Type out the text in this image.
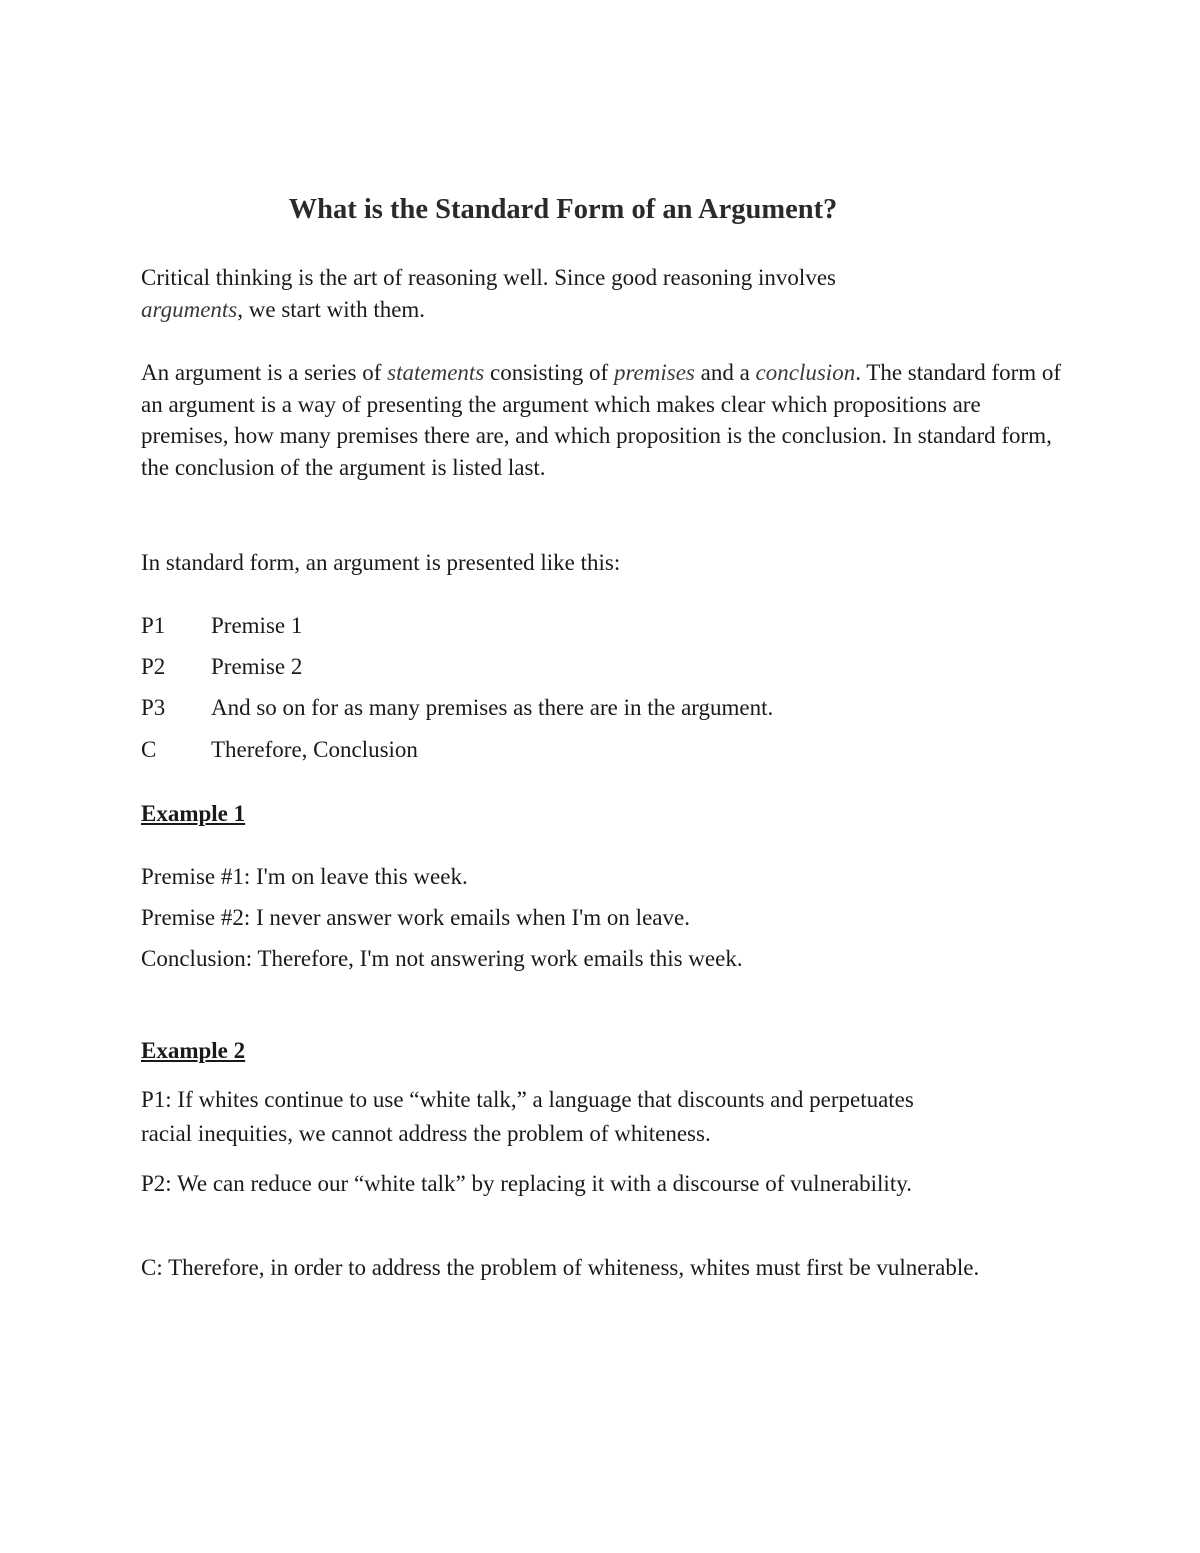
What is the Standard Form of an Argument?

Critical thinking is the art of reasoning well. Since good reasoning involves arguments, we start with them.

An argument is a series of statements consisting of premises and a conclusion. The standard form of an argument is a way of presenting the argument which makes clear which propositions are premises, how many premises there are, and which proposition is the conclusion. In standard form, the conclusion of the argument is listed last.

In standard form, an argument is presented like this:

P1 Premise 1
P2 Premise 2
P3 And so on for as many premises as there are in the argument.
C Therefore, Conclusion
Example 1
Premise #1: I'm on leave this week.
Premise #2: I never answer work emails when I'm on leave.
Conclusion: Therefore, I'm not answering work emails this week.
Example 2

P1: If whites continue to use “white talk,” a language that discounts and perpetuates racial inequities, we cannot address the problem of whiteness.

P2: We can reduce our “white talk” by replacing it with a discourse of vulnerability.

C: Therefore, in order to address the problem of whiteness, whites must first be vulnerable.
